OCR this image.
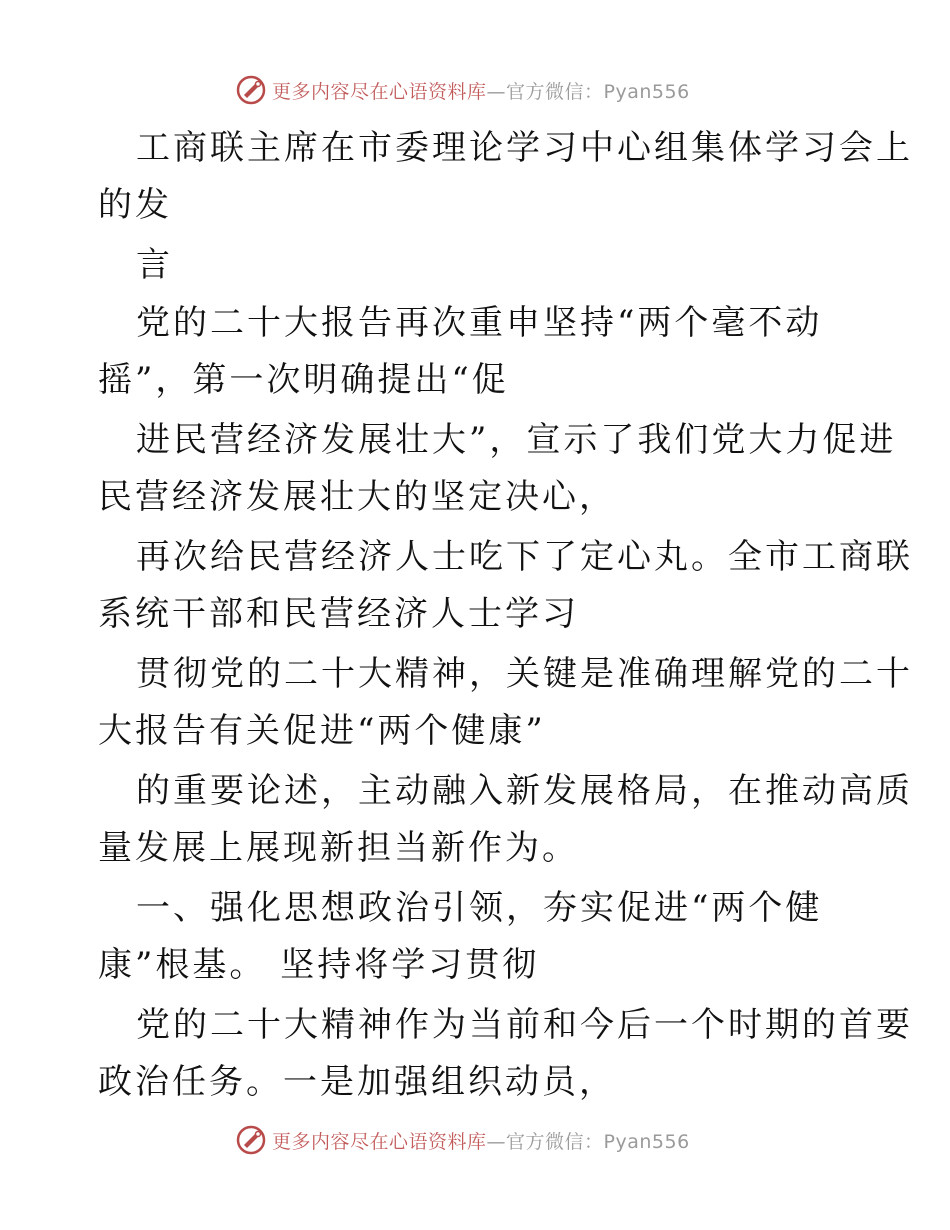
更多内容尽在心语资料库 —官方微信：Pyan556
工商联主席在市委理论学习中心组集体学习会上
的发
言
党的二十大报告再次重申坚持“两个毫不动
摇”，第一次明确提出“促
进民营经济发展壮大”，宣示了我们党大力促进
民营经济发展壮大的坚定决心，
再次给民营经济人士吃下了定心丸。全市工商联
系统干部和民营经济人士学习
贯彻党的二十大精神，关键是准确理解党的二十
大报告有关促进“两个健康”
的重要论述，主动融入新发展格局，在推动高质
量发展上展现新担当新作为。
一、强化思想政治引领，夯实促进“两个健
康”根基。 坚持将学习贯彻
党的二十大精神作为当前和今后一个时期的首要
政治任务。一是加强组织动员，
更多内容尽在心语资料库 —官方微信：Pyan556
